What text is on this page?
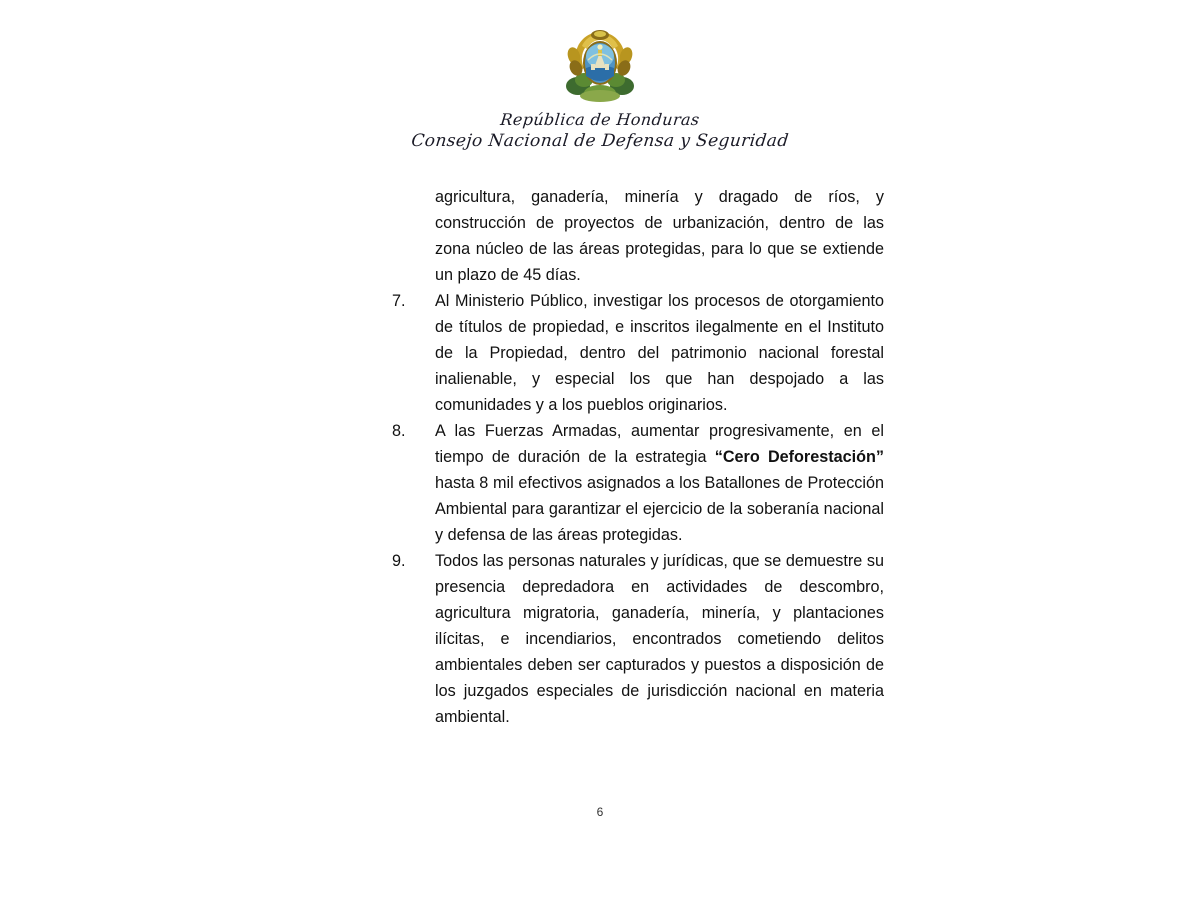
República de Honduras
Consejo Nacional de Defensa y Seguridad

agricultura, ganadería, minería y dragado de ríos, y construcción de proyectos de urbanización, dentro de las zona núcleo de las áreas protegidas, para lo que se extiende un plazo de 45 días.

7.	Al Ministerio Público, investigar los procesos de otorgamiento de títulos de propiedad, e inscritos ilegalmente en el Instituto de la Propiedad, dentro del patrimonio nacional forestal inalienable, y especial los que han despojado a las comunidades y a los pueblos originarios.

8.	A las Fuerzas Armadas, aumentar progresivamente, en el tiempo de duración de la estrategia “Cero Deforestación” hasta 8 mil efectivos asignados a los Batallones de Protección Ambiental para garantizar el ejercicio de la soberanía nacional y defensa de las áreas protegidas.

9.	Todos las personas naturales y jurídicas, que se demuestre su presencia depredadora en actividades de descombro, agricultura migratoria, ganadería, minería, y plantaciones ilícitas, e incendiarios, encontrados cometiendo delitos ambientales deben ser capturados y puestos a disposición de los juzgados especiales de jurisdicción nacional en materia ambiental.

6
